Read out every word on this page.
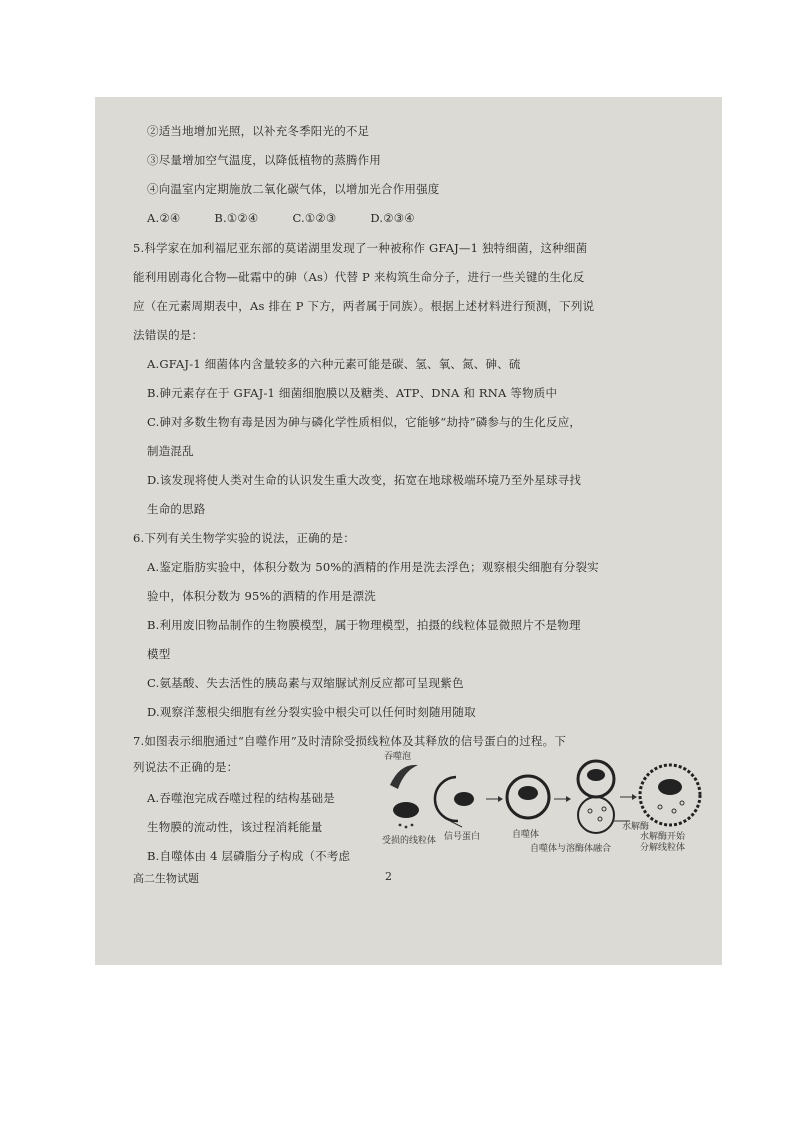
②适当地增加光照，以补充冬季阳光的不足
③尽量增加空气温度，以降低植物的蒸腾作用
④向温室内定期施放二氧化碳气体，以增加光合作用强度
A.②④	B.①②④	C.①②③	D.②③④
5.科学家在加利福尼亚东部的莫诺湖里发现了一种被称作 GFAJ—1 独特细菌，这种细菌
能利用剧毒化合物—砒霜中的砷（As）代替 P 来构筑生命分子，进行一些关键的生化反
应（在元素周期表中，As 排在 P 下方，两者属于同族）。根据上述材料进行预测，下列说
法错误的是：
A.GFAJ-1 细菌体内含量较多的六种元素可能是碳、氢、氧、氮、砷、硫
B.砷元素存在于 GFAJ-1 细菌细胞膜以及糖类、ATP、DNA 和 RNA 等物质中
C.砷对多数生物有毒是因为砷与磷化学性质相似，它能够“劫持”磷参与的生化反应，
制造混乱
D.该发现将使人类对生命的认识发生重大改变，拓宽在地球极端环境乃至外星球寻找
生命的思路
6.下列有关生物学实验的说法，正确的是：
A.鉴定脂肪实验中，体积分数为 50%的酒精的作用是洗去浮色；观察根尖细胞有分裂实
验中，体积分数为 95%的酒精的作用是漂洗
B.利用废旧物品制作的生物膜模型，属于物理模型，拍摄的线粒体显微照片不是物理
模型
C.氨基酸、失去活性的胰岛素与双缩脲试剂反应都可呈现紫色
D.观察洋葱根尖细胞有丝分裂实验中根尖可以任何时刻随用随取
7.如图表示细胞通过“自噬作用”及时清除受损线粒体及其释放的信号蛋白的过程。下
列说法不正确的是：
A.吞噬泡完成吞噬过程的结构基础是
生物膜的流动性，该过程消耗能量
B.自噬体由 4 层磷脂分子构成（不考虑
吞噬泡
受损的线粒体 信号蛋白	自噬体
水解酶
自噬体与溶酶体融合
水解酶开始
分解线粒体
高二生物试题	2
